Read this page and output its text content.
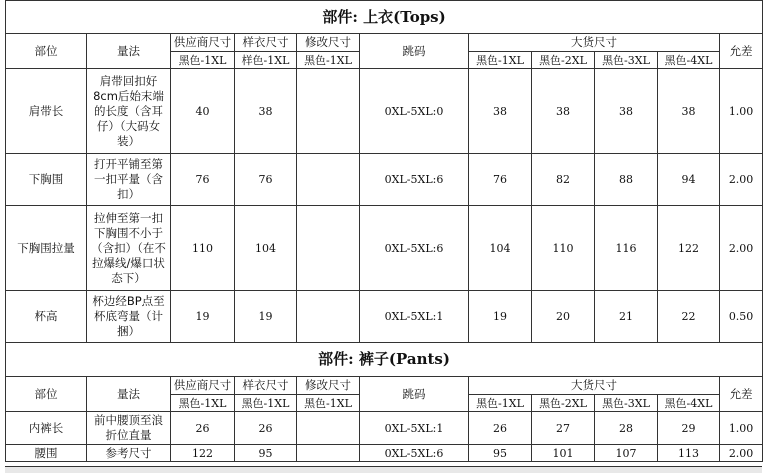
部件: 上衣(Tops)										
部位	量法	供应商尺寸	样衣尺寸	修改尺寸	跳码	大货尺寸				允差
		黑色-1XL	样色-1XL	黑色-1XL		黑色-1XL	黑色-2XL	黑色-3XL	黑色-4XL	
肩带长	肩带回扣好8cm后始末端的长度（含耳仔）（大码女装）	40	38		0XL-5XL:0	38	38	38	38	1.00
下胸围	打开平铺至第一扣平量（含扣）	76	76		0XL-5XL:6	76	82	88	94	2.00
下胸围拉量	拉伸至第一扣下胸围不小于（含扣）（在不拉爆线/爆口状态下）	110	104		0XL-5XL:6	104	110	116	122	2.00
杯高	杯边经BP点至杯底弯量（计捆）	19	19		0XL-5XL:1	19	20	21	22	0.50
部件: 裤子(Pants)										
部位	量法	供应商尺寸	样衣尺寸	修改尺寸	跳码	大货尺寸				允差
		黑色-1XL	黑色-1XL	黑色-1XL		黑色-1XL	黑色-2XL	黑色-3XL	黑色-4XL	
内裤长	前中腰顶至浪折位直量	26	26		0XL-5XL:1	26	27	28	29	1.00
腰围	参考尺寸	122	95		0XL-5XL:6	95	101	107	113	2.00
